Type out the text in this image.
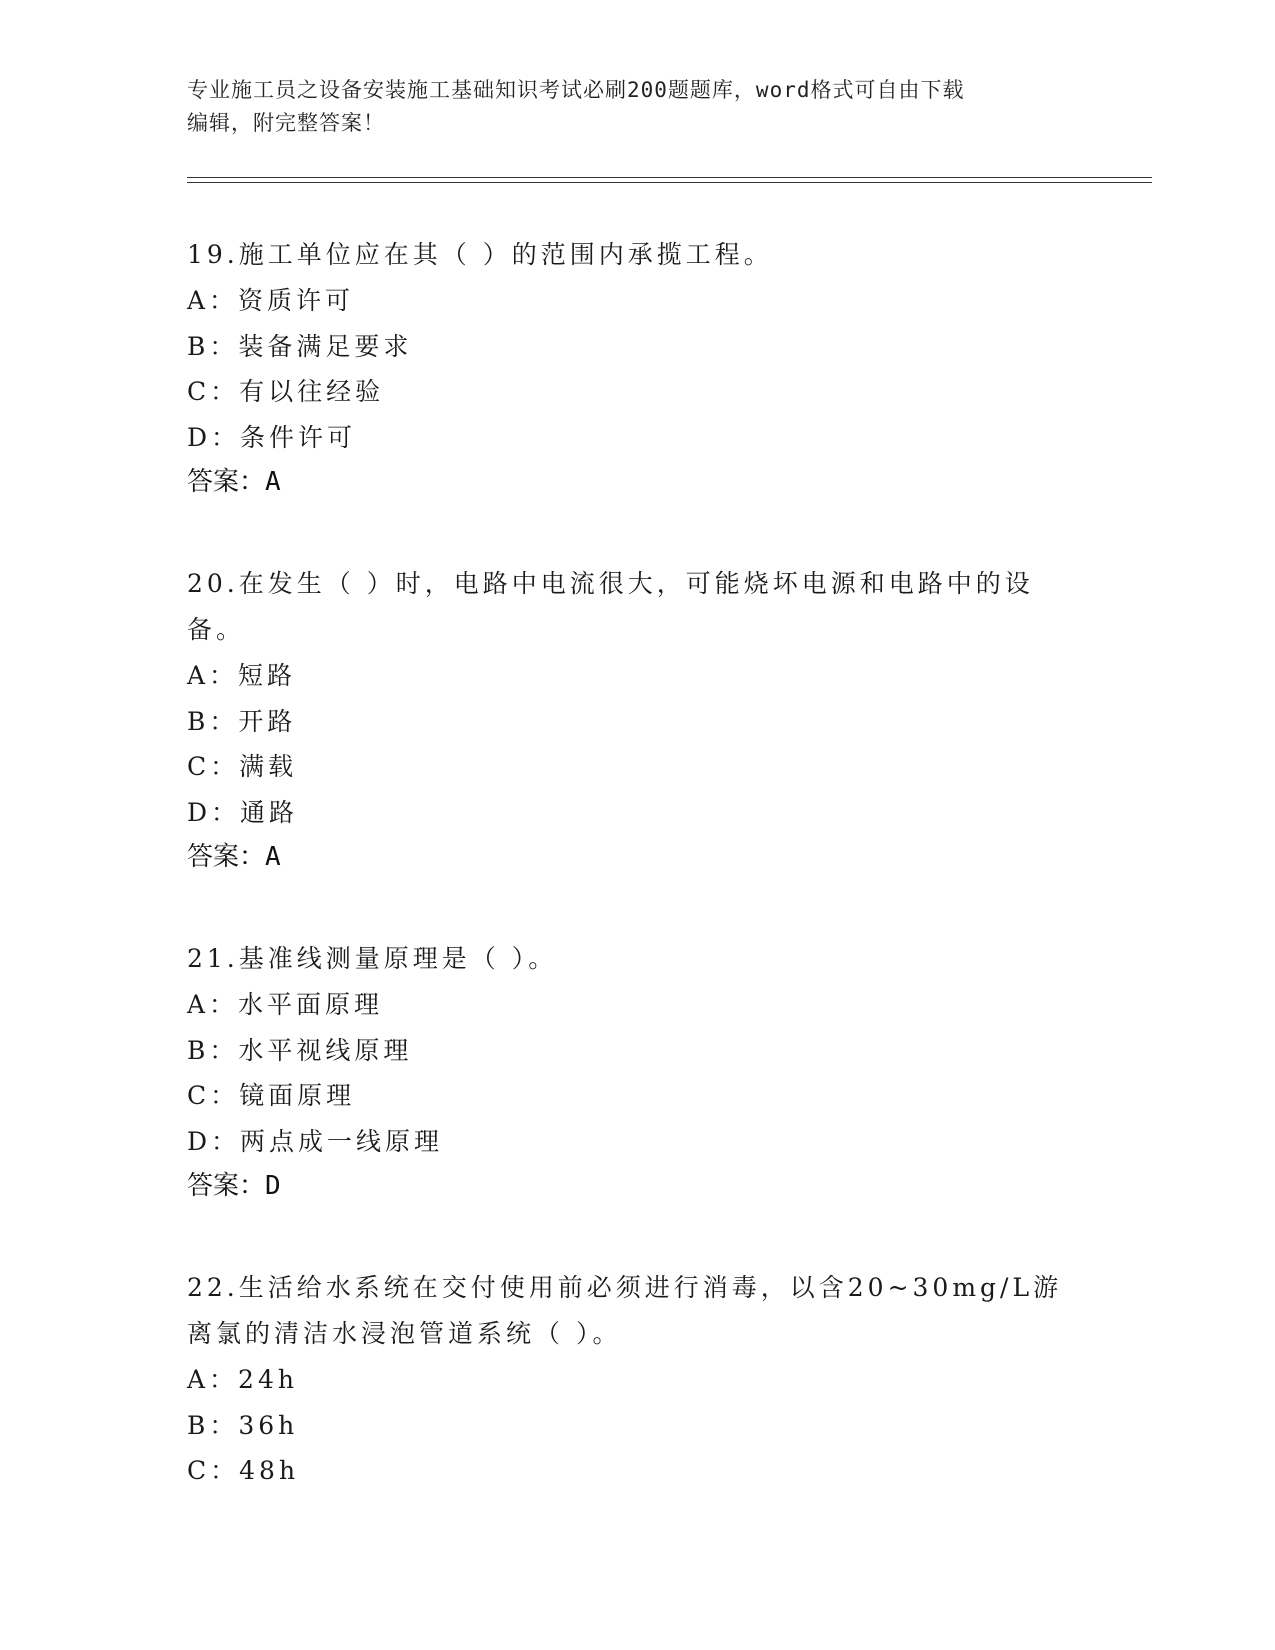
专业施工员之设备安装施工基础知识考试必刷200题题库，word格式可自由下载
编辑，附完整答案！

19.施工单位应在其（ ）的范围内承揽工程。

A：资质许可

B：装备满足要求

C：有以往经验

D：条件许可

答案：A

20.在发生（ ）时，电路中电流很大，可能烧坏电源和电路中的设备。

A：短路

B：开路

C：满载

D：通路

答案：A

21.基准线测量原理是（ ）。

A：水平面原理

B：水平视线原理

C：镜面原理

D：两点成一线原理

答案：D

22.生活给水系统在交付使用前必须进行消毒，以含20~30mg/L游离氯的清洁水浸泡管道系统（ ）。

A：24h

B：36h

C：48h
